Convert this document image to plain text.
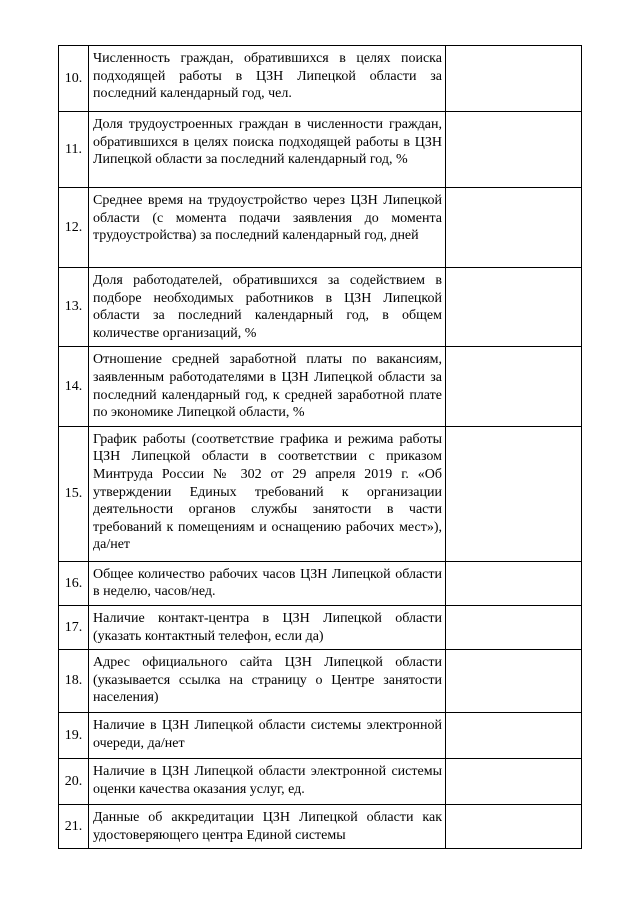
10.	Численность граждан, обратившихся в целях поиска подходящей работы в ЦЗН Липецкой области за последний календарный год, чел.	
11.	Доля трудоустроенных граждан в численности граждан, обратившихся в целях поиска подходящей работы в ЦЗН Липецкой области за последний календарный год, %	
12.	Среднее время на трудоустройство через ЦЗН Липецкой области (с момента подачи заявления до момента трудоустройства) за последний календарный год, дней	
13.	Доля работодателей, обратившихся за содействием в подборе необходимых работников в ЦЗН Липецкой области за последний календарный год, в общем количестве организаций, %	
14.	Отношение средней заработной платы по вакансиям, заявленным работодателями в ЦЗН Липецкой области за последний календарный год, к средней заработной плате по экономике Липецкой области, %	
15.	График работы (соответствие графика и режима работы ЦЗН Липецкой области в соответствии с приказом Минтруда России № 302 от 29 апреля 2019 г. «Об утверждении Единых требований к организации деятельности органов службы занятости в части требований к помещениям и оснащению рабочих мест»), да/нет	
16.	Общее количество рабочих часов ЦЗН Липецкой области в неделю, часов/нед.	
17.	Наличие контакт-центра в ЦЗН Липецкой области (указать контактный телефон, если да)	
18.	Адрес официального сайта ЦЗН Липецкой области (указывается ссылка на страницу о Центре занятости населения)	
19.	Наличие в ЦЗН Липецкой области системы электронной очереди, да/нет	
20.	Наличие в ЦЗН Липецкой области электронной системы оценки качества оказания услуг, ед.	
21.	Данные об аккредитации ЦЗН Липецкой области как удостоверяющего центра Единой системы	
